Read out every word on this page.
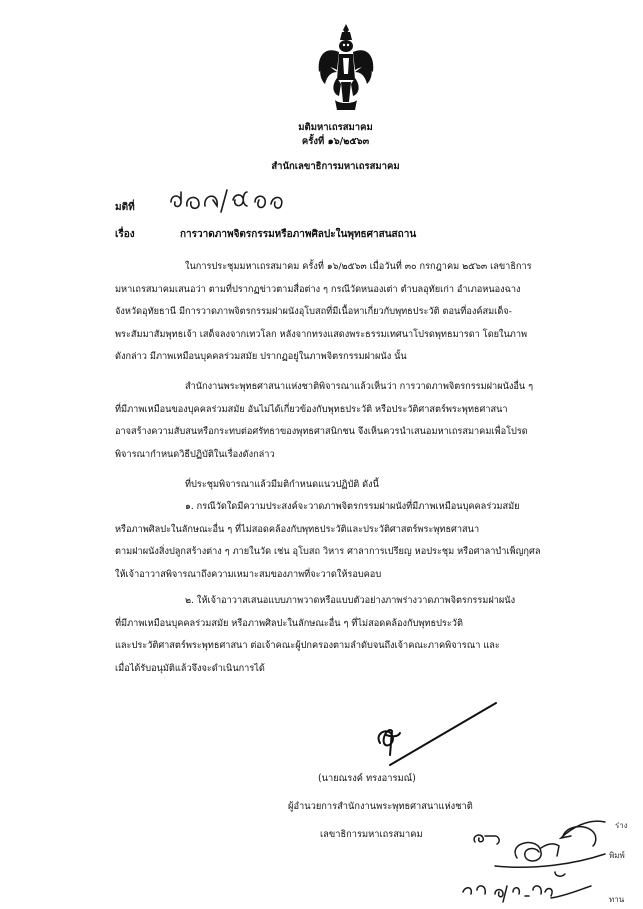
มติมหาเถรสมาคม
ครั้งที่ ๑๖/๒๕๖๓
สำนักเลขาธิการมหาเถรสมาคม
มติที่
เรื่อง	การวาดภาพจิตรกรรมหรือภาพศิลปะในพุทธศาสนสถาน
ในการประชุมมหาเถรสมาคม ครั้งที่ ๑๖/๒๕๖๓ เมื่อวันที่ ๓๐ กรกฎาคม ๒๕๖๓ เลขาธิการ
มหาเถรสมาคมเสนอว่า ตามที่ปรากฏข่าวตามสื่อต่าง ๆ กรณีวัดหนองเต่า ตำบลอุทัยเก่า อำเภอหนองฉาง
จังหวัดอุทัยธานี มีการวาดภาพจิตรกรรมฝาผนังอุโบสถที่มีเนื้อหาเกี่ยวกับพุทธประวัติ ตอนที่องค์สมเด็จ-
พระสัมมาสัมพุทธเจ้า เสด็จลงจากเทวโลก หลังจากทรงแสดงพระธรรมเทศนาโปรดพุทธมารดา โดยในภาพ
ดังกล่าว มีภาพเหมือนบุคคลร่วมสมัย ปรากฏอยู่ในภาพจิตรกรรมฝาผนัง นั้น
สำนักงานพระพุทธศาสนาแห่งชาติพิจารณาแล้วเห็นว่า การวาดภาพจิตรกรรมฝาผนังอื่น ๆ
ที่มีภาพเหมือนของบุคคลร่วมสมัย อันไม่ได้เกี่ยวข้องกับพุทธประวัติ หรือประวัติศาสตร์พระพุทธศาสนา
อาจสร้างความสับสนหรือกระทบต่อศรัทธาของพุทธศาสนิกชน จึงเห็นควรนำเสนอมหาเถรสมาคมเพื่อโปรด
พิจารณากำหนดวิธีปฏิบัติในเรื่องดังกล่าว
ที่ประชุมพิจารณาแล้วมีมติกำหนดแนวปฏิบัติ ดังนี้
๑. กรณีวัดใดมีความประสงค์จะวาดภาพจิตรกรรมฝาผนังที่มีภาพเหมือนบุคคลร่วมสมัย
หรือภาพศิลปะในลักษณะอื่น ๆ ที่ไม่สอดคล้องกับพุทธประวัติและประวัติศาสตร์พระพุทธศาสนา
ตามฝาผนังสิ่งปลูกสร้างต่าง ๆ ภายในวัด เช่น อุโบสถ วิหาร ศาลาการเปรียญ หอประชุม หรือศาลาบำเพ็ญกุศล
ให้เจ้าอาวาสพิจารณาถึงความเหมาะสมของภาพที่จะวาดให้รอบคอบ
๒. ให้เจ้าอาวาสเสนอแบบภาพวาดหรือแบบตัวอย่างภาพร่างวาดภาพจิตรกรรมฝาผนัง
ที่มีภาพเหมือนบุคคลร่วมสมัย หรือภาพศิลปะในลักษณะอื่น ๆ ที่ไม่สอดคล้องกับพุทธประวัติ
และประวัติศาสตร์พระพุทธศาสนา ต่อเจ้าคณะผู้ปกครองตามลำดับจนถึงเจ้าคณะภาคพิจารณา และ
เมื่อได้รับอนุมัติแล้วจึงจะดำเนินการได้
(นายณรงค์ ทรงอารมณ์)
ผู้อำนวยการสำนักงานพระพุทธศาสนาแห่งชาติ
เลขาธิการมหาเถรสมาคม
ร่าง
พิมพ์
ทาน
